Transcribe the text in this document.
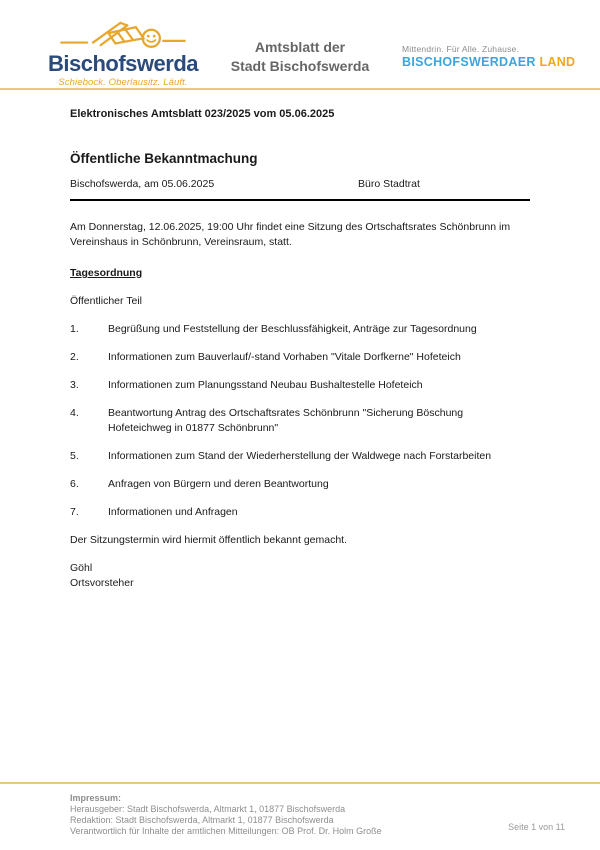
Bischofswerda
Schiebock. Oberlausitz. Läuft.
Amtsblatt der
Stadt Bischofswerda
Mittendrin. Für Alle. Zuhause.
BISCHOFSWERDAER LAND
Elektronisches Amtsblatt 023/2025 vom 05.06.2025
Öffentliche Bekanntmachung
Bischofswerda, am 05.06.2025	Büro Stadtrat

Am Donnerstag, 12.06.2025, 19:00 Uhr findet eine Sitzung des Ortschaftsrates Schönbrunn im Vereinshaus in Schönbrunn, Vereinsraum, statt.

Tagesordnung
Öffentlicher Teil
1.	Begrüßung und Feststellung der Beschlussfähigkeit, Anträge zur Tagesordnung
2.	Informationen zum Bauverlauf/-stand Vorhaben "Vitale Dorfkerne" Hofeteich
3.	Informationen zum Planungsstand Neubau Bushaltestelle Hofeteich
4.	Beantwortung Antrag des Ortschaftsrates Schönbrunn "Sicherung Böschung Hofeteichweg in 01877 Schönbrunn"
5.	Informationen zum Stand der Wiederherstellung der Waldwege nach Forstarbeiten
6.	Anfragen von Bürgern und deren Beantwortung
7.	Informationen und Anfragen

Der Sitzungstermin wird hiermit öffentlich bekannt gemacht.

Göhl
Ortsvorsteher
Impressum:
Herausgeber: Stadt Bischofswerda, Altmarkt 1, 01877 Bischofswerda
Redaktion: Stadt Bischofswerda, Altmarkt 1, 01877 Bischofswerda
Verantwortlich für Inhalte der amtlichen Mitteilungen: OB Prof. Dr. Holm Große	Seite 1 von 11
